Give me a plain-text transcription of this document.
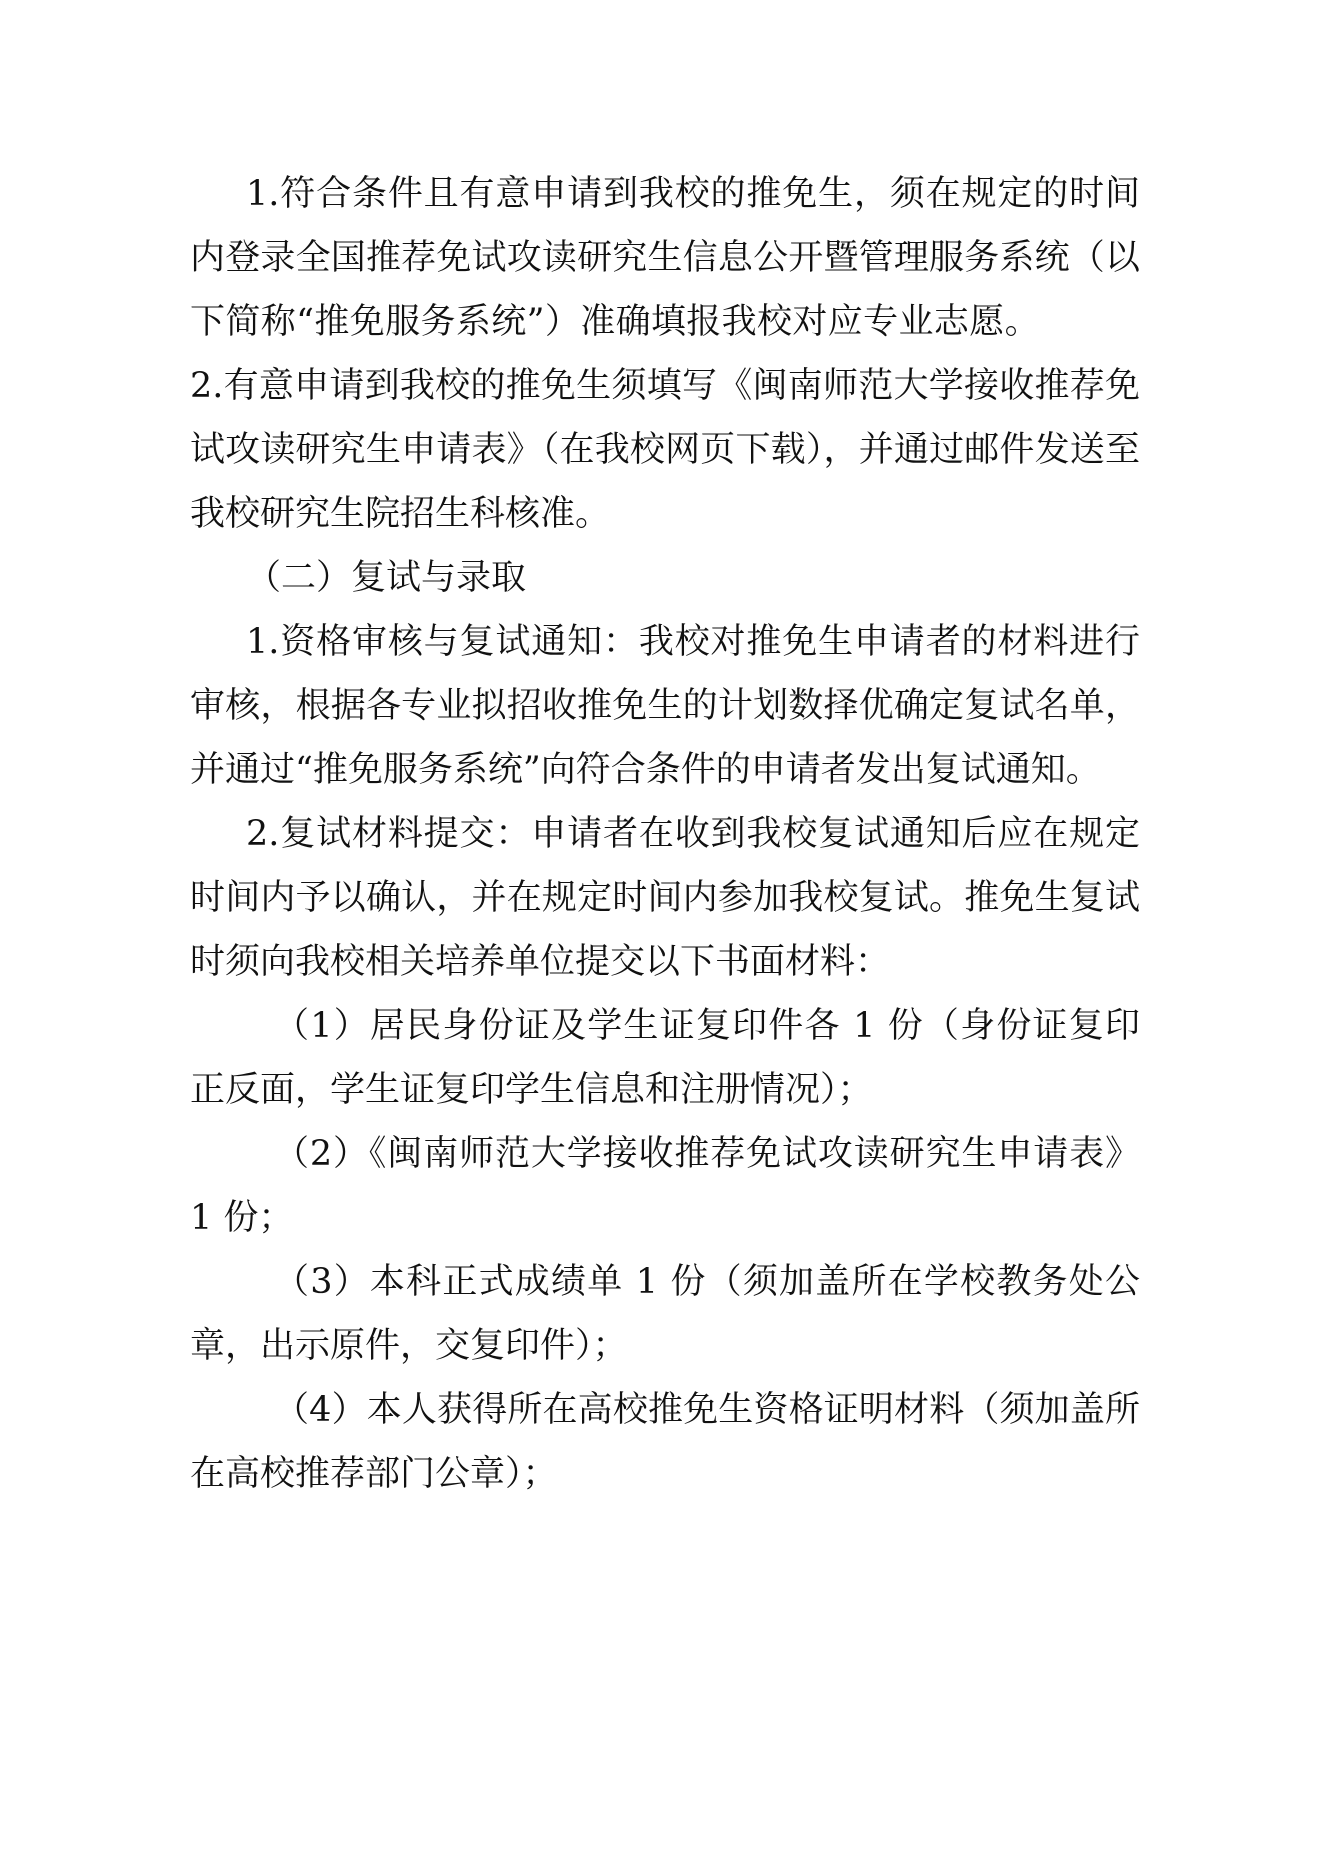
1.符合条件且有意申请到我校的推免生，须在规定的时间内登录全国推荐免试攻读研究生信息公开暨管理服务系统（以下简称“推免服务系统”）准确填报我校对应专业志愿。2.有意申请到我校的推免生须填写《闽南师范大学接收推荐免试攻读研究生申请表》（在我校网页下载），并通过邮件发送至我校研究生院招生科核准。

（二）复试与录取

1.资格审核与复试通知：我校对推免生申请者的材料进行审核，根据各专业拟招收推免生的计划数择优确定复试名单，并通过“推免服务系统”向符合条件的申请者发出复试通知。

2.复试材料提交：申请者在收到我校复试通知后应在规定时间内予以确认，并在规定时间内参加我校复试。推免生复试时须向我校相关培养单位提交以下书面材料：

（1）居民身份证及学生证复印件各 1 份（身份证复印正反面，学生证复印学生信息和注册情况）；

（2）《闽南师范大学接收推荐免试攻读研究生申请表》 1 份；

（3）本科正式成绩单 1 份（须加盖所在学校教务处公章，出示原件，交复印件）；

（4）本人获得所在高校推免生资格证明材料（须加盖所在高校推荐部门公章）；
